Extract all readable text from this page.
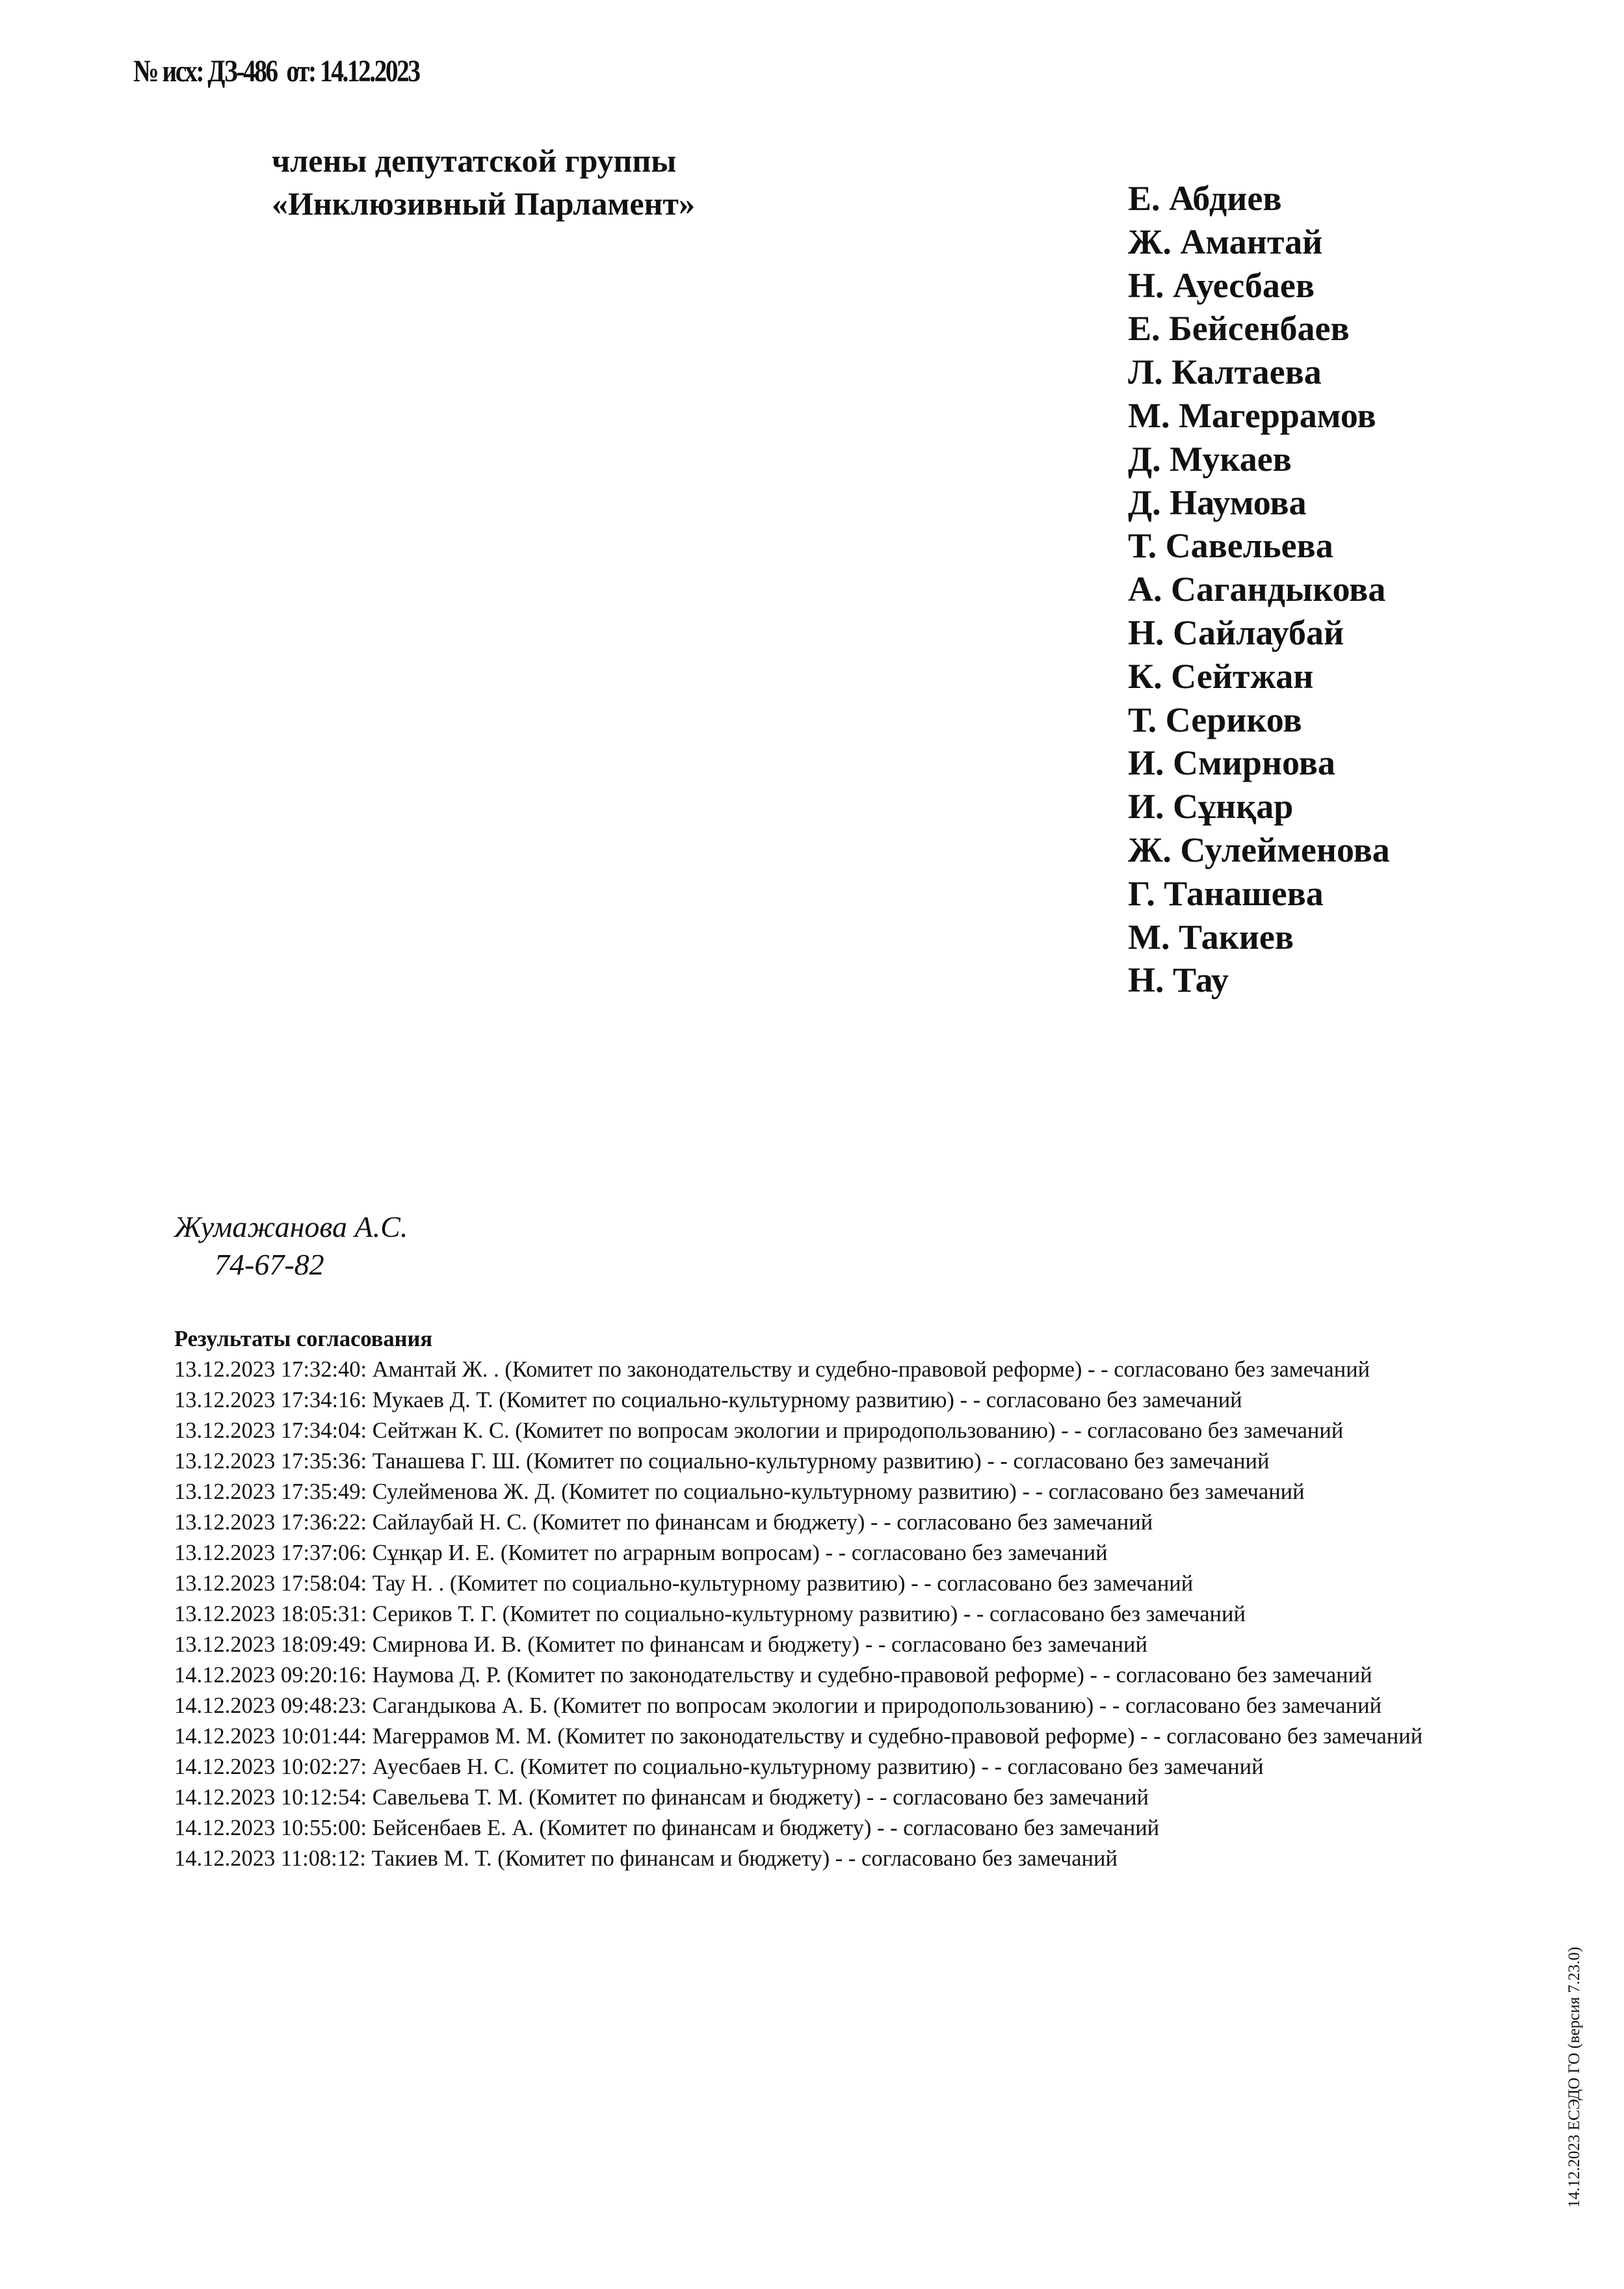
№ исх: ДЗ-486 от: 14.12.2023
члены депутатской группы
«Инклюзивный Парламент»	Е. Абдиев
Ж. Амантай
Н. Ауесбаев
Е. Бейсенбаев
Л. Калтаева
М. Магеррамов
Д. Мукаев
Д. Наумова
Т. Савельева
А. Сагандыкова
Н. Сайлаубай
К. Сейтжан
Т. Сериков
И. Смирнова
И. Сұнқар
Ж. Сулейменова
Г. Танашева
М. Такиев
Н. Тау
Жумажанова А.С.
74-67-82
Результаты согласования

13.12.2023 17:32:40: Амантай Ж. . (Комитет по законодательству и судебно-правовой реформе) - - согласовано без замечаний

13.12.2023 17:34:16: Мукаев Д. Т. (Комитет по социально-культурному развитию) - - согласовано без замечаний

13.12.2023 17:34:04: Сейтжан К. С. (Комитет по вопросам экологии и природопользованию) - - согласовано без замечаний

13.12.2023 17:35:36: Танашева Г. Ш. (Комитет по социально-культурному развитию) - - согласовано без замечаний

13.12.2023 17:35:49: Сулейменова Ж. Д. (Комитет по социально-культурному развитию) - - согласовано без замечаний

13.12.2023 17:36:22: Сайлаубай Н. С. (Комитет по финансам и бюджету) - - согласовано без замечаний

13.12.2023 17:37:06: Сұнқар И. Е. (Комитет по аграрным вопросам) - - согласовано без замечаний

13.12.2023 17:58:04: Тау Н. . (Комитет по социально-культурному развитию) - - согласовано без замечаний

13.12.2023 18:05:31: Сериков Т. Г. (Комитет по социально-культурному развитию) - - согласовано без замечаний

13.12.2023 18:09:49: Смирнова И. В. (Комитет по финансам и бюджету) - - согласовано без замечаний

14.12.2023 09:20:16: Наумова Д. Р. (Комитет по законодательству и судебно-правовой реформе) - - согласовано без замечаний

14.12.2023 09:48:23: Сагандыкова А. Б. (Комитет по вопросам экологии и природопользованию) - - согласовано без замечаний

14.12.2023 10:01:44: Магеррамов М. М. (Комитет по законодательству и судебно-правовой реформе) - - согласовано без замечаний

14.12.2023 10:02:27: Ауесбаев Н. С. (Комитет по социально-культурному развитию) - - согласовано без замечаний

14.12.2023 10:12:54: Савельева Т. М. (Комитет по финансам и бюджету) - - согласовано без замечаний

14.12.2023 10:55:00: Бейсенбаев Е. А. (Комитет по финансам и бюджету) - - согласовано без замечаний

14.12.2023 11:08:12: Такиев М. Т. (Комитет по финансам и бюджету) - - согласовано без замечаний

14.12.2023 ЕСЭДО ГО (версия 7.23.0)
